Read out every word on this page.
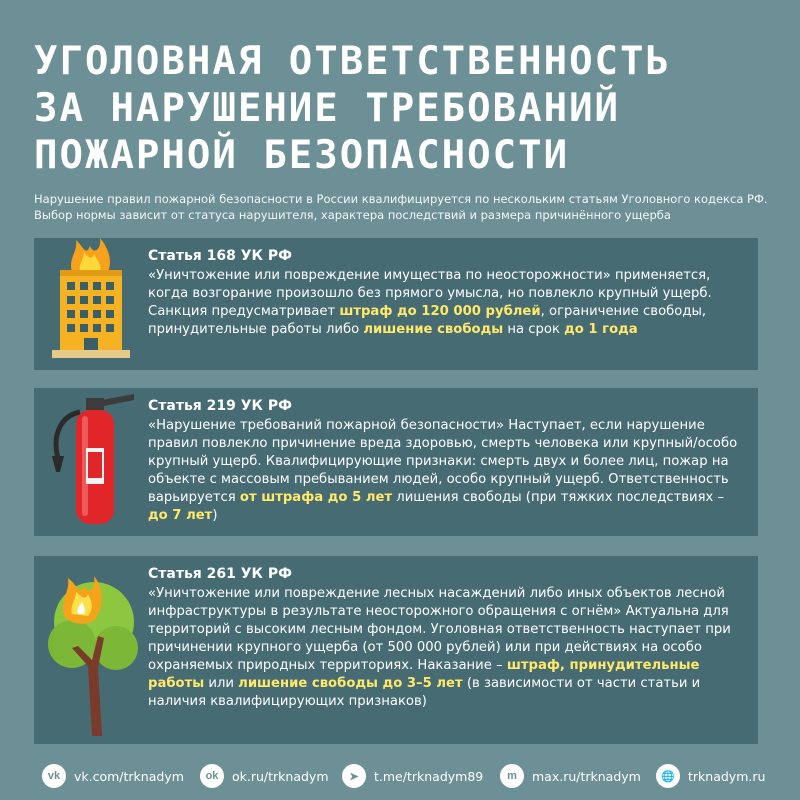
УГОЛОВНАЯ ОТВЕТСТВЕННОСТЬ
ЗА НАРУШЕНИЕ ТРЕБОВАНИЙ
ПОЖАРНОЙ БЕЗОПАСНОСТИ
Нарушение правил пожарной безопасности в России квалифицируется по нескольким статьям Уголовного кодекса РФ. Выбор нормы зависит от статуса нарушителя, характера последствий и размера причинённого ущерба
Статья 168 УК РФ
«Уничтожение или повреждение имущества по неосторожности» применяется, когда возгорание произошло без прямого умысла, но повлекло крупный ущерб. Санкция предусматривает штраф до 120 000 рублей, ограничение свободы, принудительные работы либо лишение свободы на срок до 1 года
Статья 219 УК РФ
«Нарушение требований пожарной безопасности» Наступает, если нарушение правил повлекло причинение вреда здоровью, смерть человека или крупный/особо крупный ущерб. Квалифицирующие признаки: смерть двух и более лиц, пожар на объекте с массовым пребыванием людей, особо крупный ущерб. Ответственность варьируется от штрафа до 5 лет лишения свободы (при тяжких последствиях – до 7 лет)
Статья 261 УК РФ
«Уничтожение или повреждение лесных насаждений либо иных объектов лесной инфраструктуры в результате неосторожного обращения с огнём» Актуальна для территорий с высоким лесным фондом. Уголовная ответственность наступает при причинении крупного ущерба (от 500 000 рублей) или при действиях на особо охраняемых природных территориях. Наказание – штраф, принудительные работы или лишение свободы до 3–5 лет (в зависимости от части статьи и наличия квалифицирующих признаков)
vk	vk.com/trknadym	ok	ok.ru/trknadym	➤	t.me/trknadym89	m	max.ru/trknadym	🌐	trknadym.ru
